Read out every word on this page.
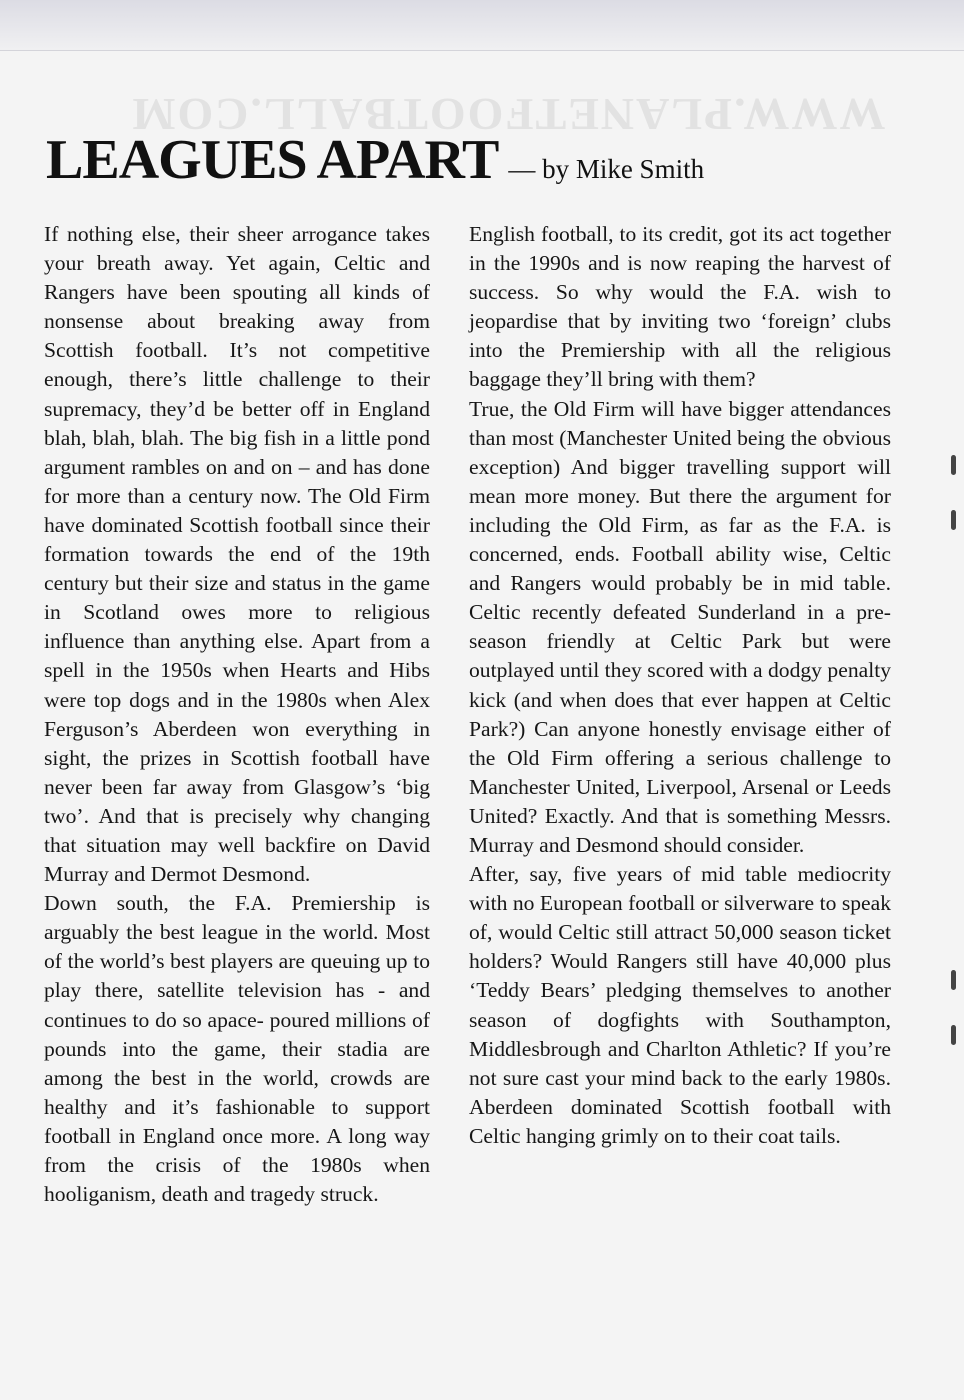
WWW.PLANETFOOTBALL.COM
LEAGUES APART — by Mike Smith

If nothing else, their sheer arrogance takes your breath away. Yet again, Celtic and Rangers have been spouting all kinds of nonsense about breaking away from Scottish football. It’s not competitive enough, there’s little challenge to their supremacy, they’d be better off in England blah, blah, blah. The big fish in a little pond argument rambles on and on – and has done for more than a century now. The Old Firm have dominated Scottish football since their formation towards the end of the 19th century but their size and status in the game in Scotland owes more to religious influence than anything else. Apart from a spell in the 1950s when Hearts and Hibs were top dogs and in the 1980s when Alex Ferguson’s Aberdeen won everything in sight, the prizes in Scottish football have never been far away from Glasgow’s ‘big two’. And that is precisely why changing that situation may well backfire on David Murray and Dermot Desmond.

Down south, the F.A. Premiership is arguably the best league in the world. Most of the world’s best players are queuing up to play there, satellite television has - and continues to do so apace- poured millions of pounds into the game, their stadia are among the best in the world, crowds are healthy and it’s fashionable to support football in England once more. A long way from the crisis of the 1980s when hooliganism, death and tragedy struck.

English football, to its credit, got its act together in the 1990s and is now reaping the harvest of success. So why would the F.A. wish to jeopardise that by inviting two ‘foreign’ clubs into the Premiership with all the religious baggage they’ll bring with them?

True, the Old Firm will have bigger attendances than most (Manchester United being the obvious exception) And bigger travelling support will mean more money. But there the argument for including the Old Firm, as far as the F.A. is concerned, ends. Football ability wise, Celtic and Rangers would probably be in mid table. Celtic recently defeated Sunderland in a pre-season friendly at Celtic Park but were outplayed until they scored with a dodgy penalty kick (and when does that ever happen at Celtic Park?) Can anyone honestly envisage either of the Old Firm offering a serious challenge to Manchester United, Liverpool, Arsenal or Leeds United? Exactly. And that is something Messrs. Murray and Desmond should consider.

After, say, five years of mid table mediocrity with no European football or silverware to speak of, would Celtic still attract 50,000 season ticket holders? Would Rangers still have 40,000 plus ‘Teddy Bears’ pledging themselves to another season of dogfights with Southampton, Middlesbrough and Charlton Athletic? If you’re not sure cast your mind back to the early 1980s. Aberdeen dominated Scottish football with Celtic hanging grimly on to their coat tails.
